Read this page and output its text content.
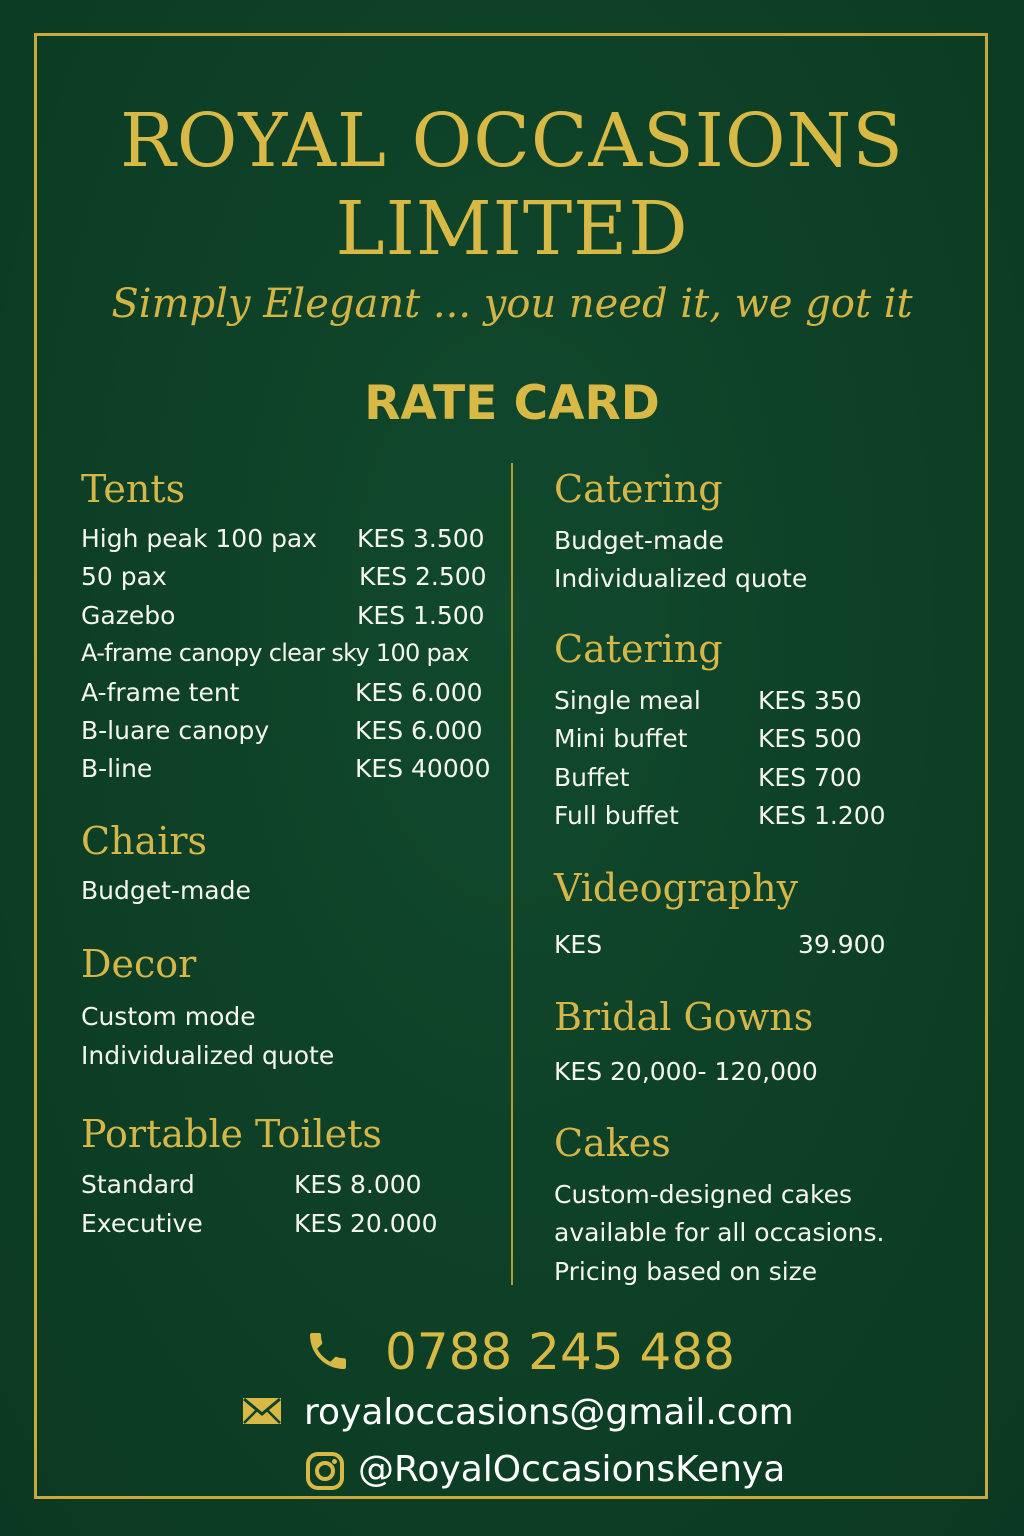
ROYAL OCCASIONS
LIMITED
Simply Elegant ... you need it, we got it
RATE CARD
Tents
High peak 100 pax KES 3.500
50 pax	KES 2.500
Gazebo	KES 1.500
A-frame canopy clear sky 100 pax
A-frame tent	KES 6.000
B-luare canopy	KES 6.000
B-line	KES 40000
Chairs
Budget-made
Decor
Custom mode
Individualized quote
Portable Toilets
Standard	KES 8.000
Executive	KES 20.000
Catering
Budget-made
Individualized quote
Catering
Single meal KES 350
Mini buffet	KES 500
Buffet	KES 700
Full buffet	KES 1.200
Videography
KES	39.900
Bridal Gowns
KES 20,000- 120,000
Cakes
Custom-designed cakes
available for all occasions.
Pricing based on size
0788 245 488
royaloccasions@gmail.com
@RoyalOccasionsKenya
